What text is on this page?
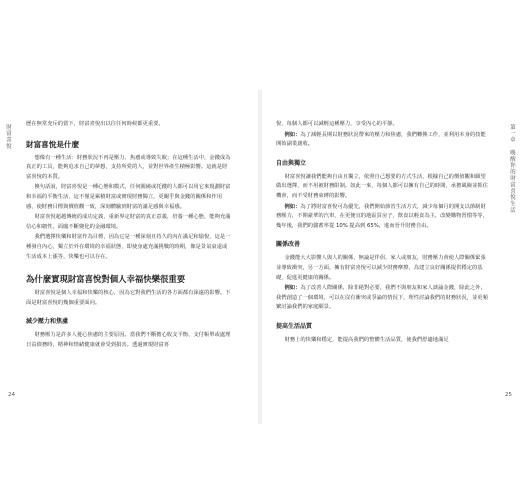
財富喜悅	歷在無常充斥的當下，財富喜悅出以往任何時候都更重要。

財富喜悅是什麼

想像有一種生活：財務狀況不再是壓力、焦慮或導致失眠；在這種生活中，金錢成為真正的工具，能夠追求自己的夢想，支持所愛的人，並對世界產生積極影響。這就是財富喜悅的本質。

換句話說，財富喜悅是一種心態和模式，任何圍繞或托錢的人都可以用它來規劃財富和幸福的平衡生活，這不僅是累積財富或實現財務獨立，更關乎與金錢的關係和作用感，使財務目標與價值觀一致，深刻體驗到財富的滿足感與幸福感。

財富喜悅超越傳統的成功定義，重新界定財富的真正意義，培養一種心態，能夠充滿信心和韌性，面臨不斷變化的金融環境。

我們選擇快樂和財富作為目標，因為它是一種深刻且持久的內在滿足和愉悅，這是一種發自內心，獨立於外在環境的幸福狀態，即使身處充滿挑戰的時期，像是景氣衰退或生活成本上漲等，快樂也可以存在。

為什麼實現財富喜悅對個人幸福快樂很重要

財富喜悅是個人幸福和快樂的核心，因為它對我們生活的各方面都有深遠的影響。下面是財富喜悅的幾個重要面向。

減少壓力和焦慮

財務壓力是許多人憂心焦慮的主要原因。當我們不斷擔心收支平衡、支付帳單或處理日益債務時，精神和情緒健康就會受到損害。透過實現財富喜

24
第一章　喚醒你的財富喜悅生活

悅，每個人都可以減輕這種壓力，享受內心的平靜。

例如：為了減輕長期以財務狀況帶來的壓力和焦慮，我們轉換工作，並利用本身的技能開始副業創收。

自由與獨立

財富喜悅讓我們能夠自由且獨立，依照自己想要的方式生活，根據自己的價值觀和願望做出選擇，而不用被財務限制。如此一來，每個人都可以擁有自己的時間，承擔風險並抓住機會，而不受財務束縛的影響。

例如：為了將財富喜悅可為優先，我們開始節省生活方式，減少每個月的開支以節制財務壓力，不開豪華的汽車，在更便宜的地區買房子，飲食以輕食為主，改變購物習慣等等，幾年後，我們的儲蓄率從 10% 提高到 65%，進而晉升財務自由。

關係改善

金錢能大大影響人與人的關係，無論是伴侶、家人或朋友，財務壓力會使人際關係緊張並導致衝突，另一方面，擁有財富喜悅可以減少財務摩擦，為建立良好關係提供穩定的基礎，促進更健康的關係。

例如：為了改善人際關係，除非絕對必要，我們不與朋友和家人談論金錢，除此之外，我們創造了一個環境，可以在沒有衝突或爭論的情況下，理性討論我們的財務狀況，並更頻繁討論我們的家庭願景。

提高生活品質

財務上的快樂和穩定，能提高我們的整體生活品質，使我們舒適地滿足

25
